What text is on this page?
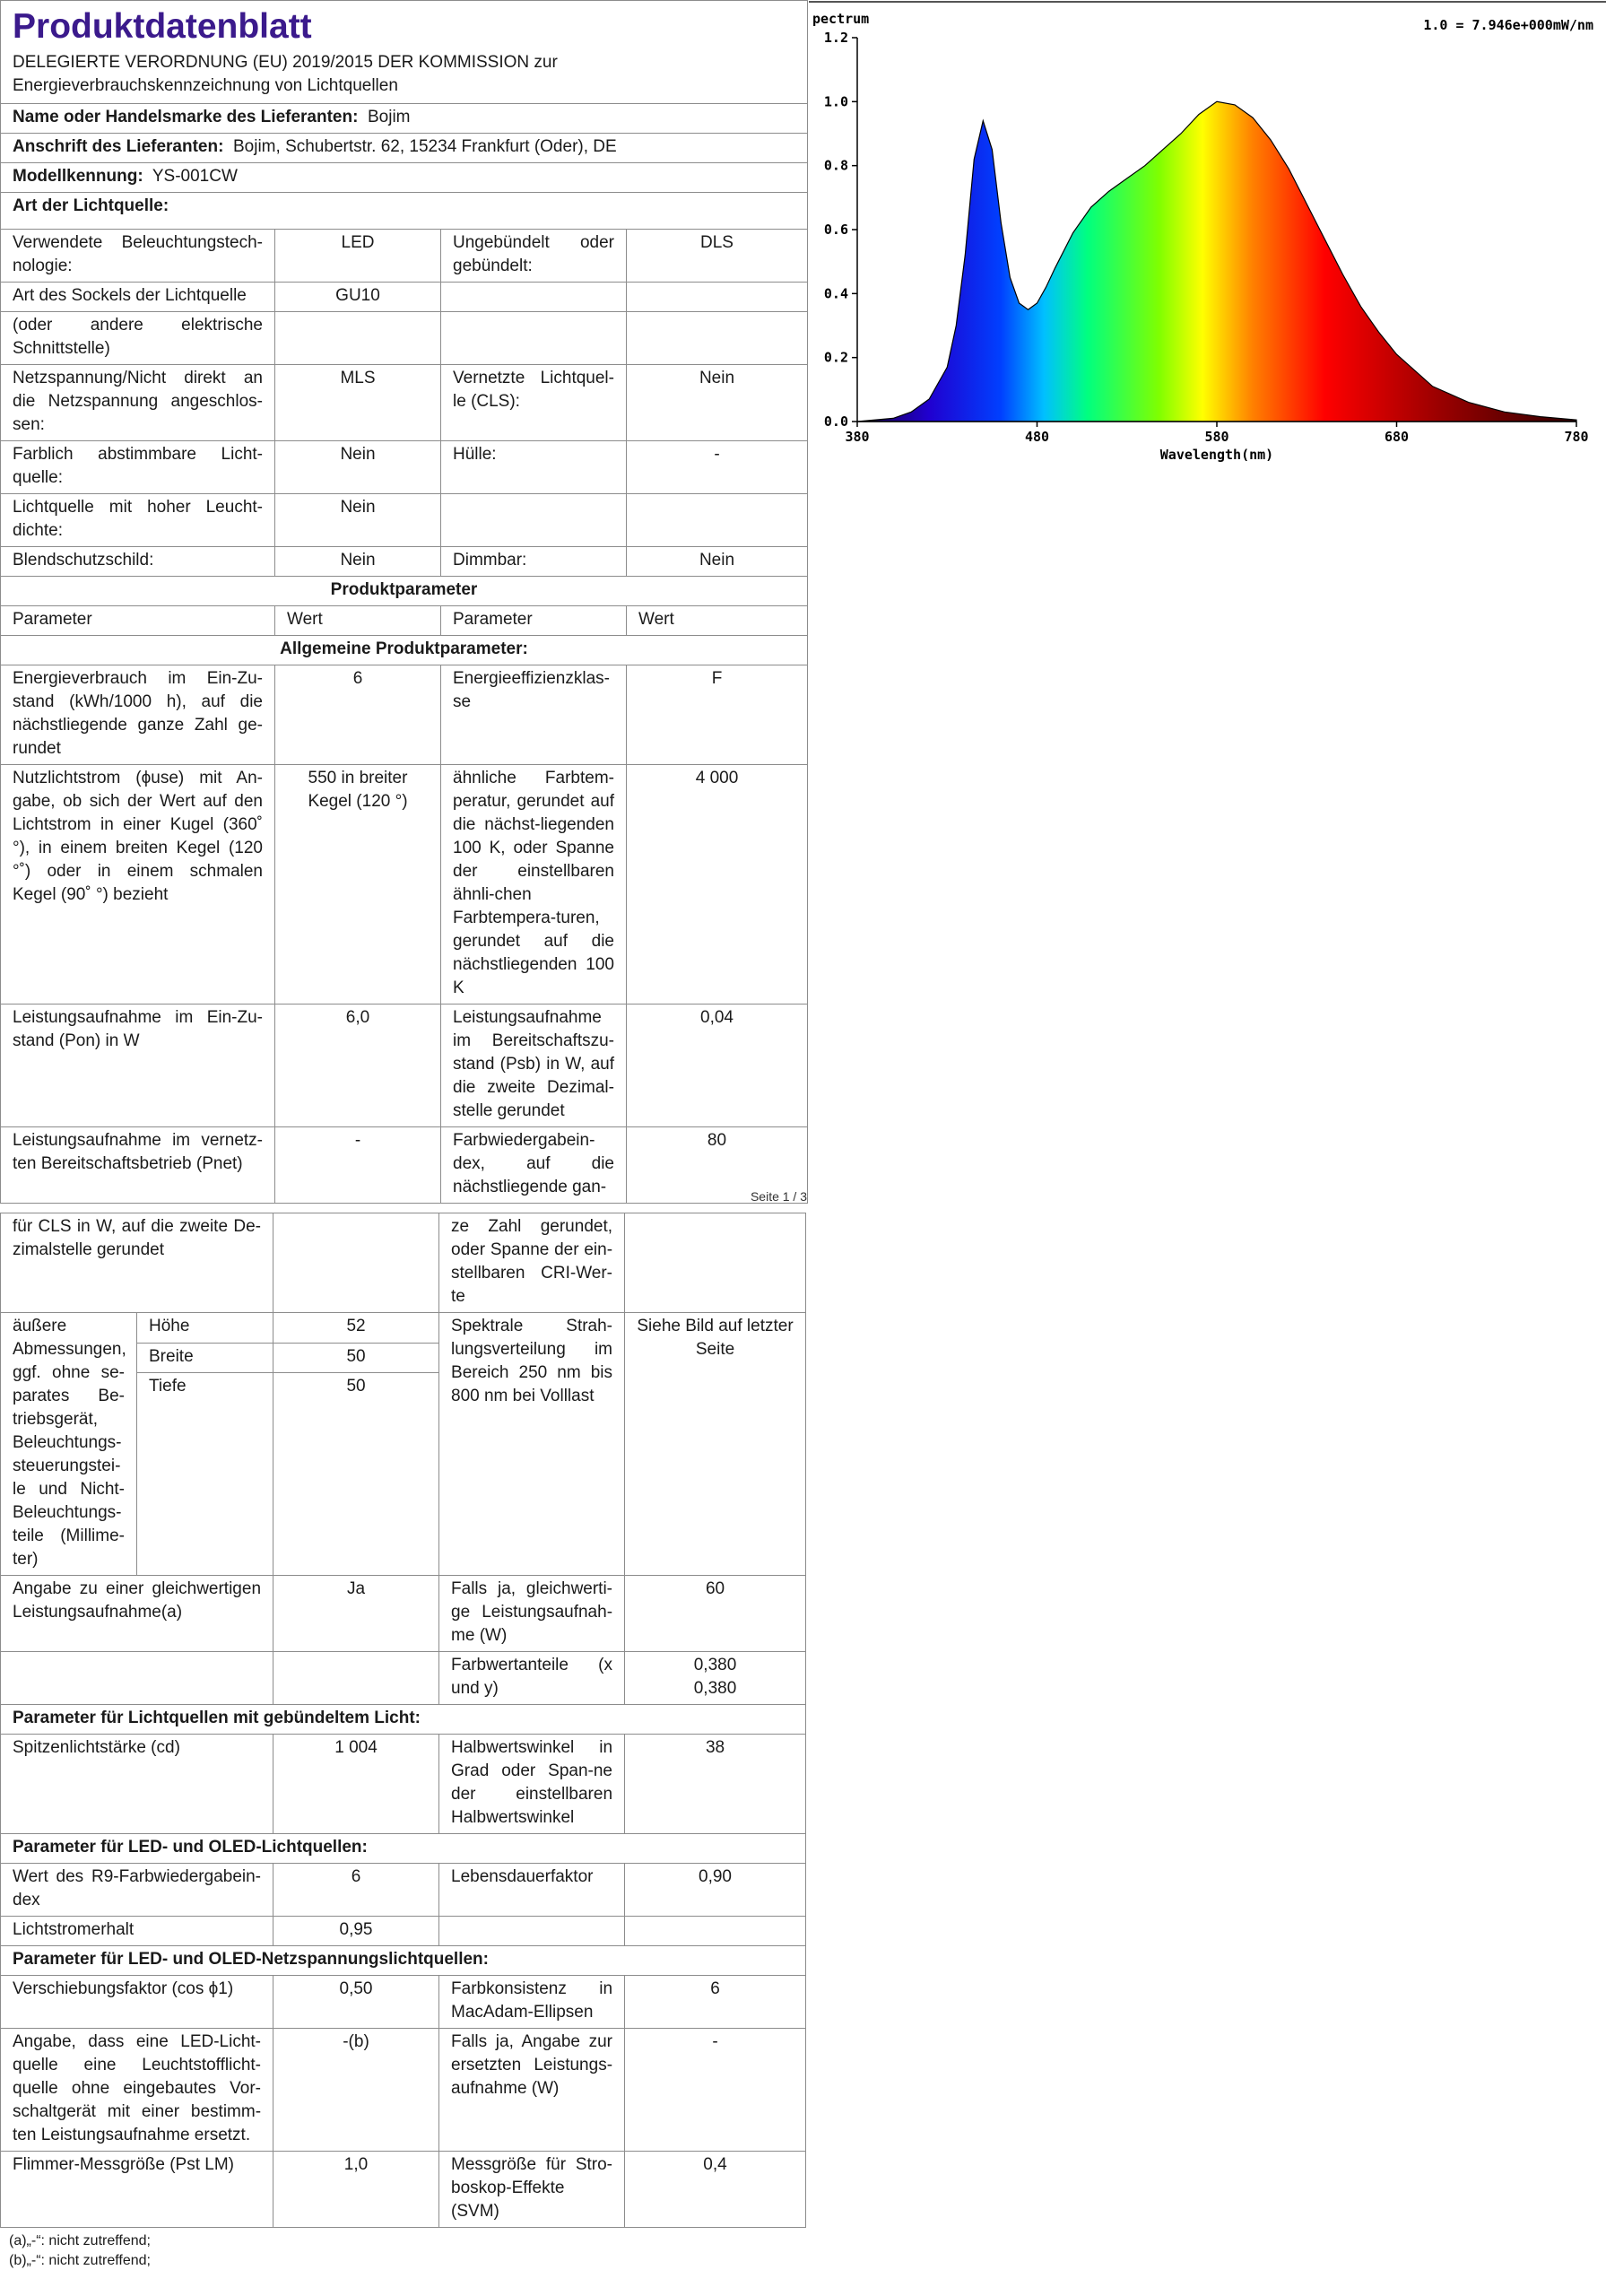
Produktdatenblatt
DELEGIERTE VERORDNUNG (EU) 2019/2015 DER KOMMISSION zur Energieverbrauchskennzeichnung von Lichtquellen			

Name oder Handelsmarke des Lieferanten: Bojim			
Anschrift des Lieferanten: Bojim, Schubertstr. 62, 15234 Frankfurt (Oder), DE			
Modellkennung: YS-001CW			
Art der Lichtquelle:			
Verwendete Beleuchtungstech-nologie:	LED	Ungebündelt oder gebündelt:	DLS
Art des Sockels der Lichtquelle	GU10		
(oder andere elektrische Schnittstelle)			
Netzspannung/Nicht direkt an die Netzspannung angeschlos-sen:	MLS	Vernetzte Lichtquel-le (CLS):	Nein
Farblich abstimmbare Licht-quelle:	Nein	Hülle:	-
Lichtquelle mit hoher Leucht-dichte:	Nein		
Blendschutzschild:	Nein	Dimmbar:	Nein
Produktparameter			
Parameter	Wert	Parameter	Wert
Allgemeine Produktparameter:			
Energieverbrauch im Ein-Zu-stand (kWh/1000 h), auf die nächstliegende ganze Zahl ge-rundet	6	Energieeffizienzklas-se	F
Nutzlichtstrom (ϕuse) mit An-gabe, ob sich der Wert auf den Lichtstrom in einer Kugel (360˚ °), in einem breiten Kegel (120 °˚) oder in einem schmalen Kegel (90˚ °) bezieht	550 in breiter Kegel (120 °)	ähnliche Farbtem-peratur, gerundet auf die nächst-liegenden 100 K, oder Spanne der einstellbaren ähnli-chen Farbtempera-turen, gerundet auf die nächstliegenden 100 K	4 000
Leistungsaufnahme im Ein-Zu-stand (Pon) in W	6,0	Leistungsaufnahme im Bereitschaftszu-stand (Psb) in W, auf die zweite Dezimal-stelle gerundet	0,04
Leistungsaufnahme im vernetz-ten Bereitschaftsbetrieb (Pnet)	-	Farbwiedergabein-dex, auf die nächstliegende gan-	80
Seite 1 / 3
für CLS in W, auf die zweite De-zimalstelle gerundet			ze Zahl gerundet, oder Spanne der ein-stellbaren CRI-Wer-te	
äußere Abmessungen, ggf. ohne se-parates Be-triebsgerät, Beleuchtungs-steuerungstei-le und Nicht-Beleuchtungs-teile (Millime-ter)	Höhe	52	Spektrale Strah-lungsverteilung im Bereich 250 nm bis 800 nm bei Volllast	Siehe Bild auf letzter Seite
	Breite	50		
	Tiefe	50		
Angabe zu einer gleichwertigen Leistungsaufnahme(a)		Ja	Falls ja, gleichwerti-ge Leistungsaufnah-me (W)	60
			Farbwertanteile (x und y)	0,380
0,380
Parameter für Lichtquellen mit gebündeltem Licht:				
Spitzenlichtstärke (cd)		1 004	Halbwertswinkel in Grad oder Span-ne der einstellbaren Halbwertswinkel	38
Parameter für LED- und OLED-Lichtquellen:				
Wert des R9-Farbwiedergabein-dex		6	Lebensdauerfaktor	0,90
Lichtstromerhalt		0,95		
Parameter für LED- und OLED-Netzspannungslichtquellen:				
Verschiebungsfaktor (cos ϕ1)		0,50	Farbkonsistenz in MacAdam-Ellipsen	6
Angabe, dass eine LED-Licht-quelle eine Leuchtstofflicht-quelle ohne eingebautes Vor-schaltgerät mit einer bestimm-ten Leistungsaufnahme ersetzt.		-(b)	Falls ja, Angabe zur ersetzten Leistungs-aufnahme (W)	-
Flimmer-Messgröße (Pst LM)		1,0	Messgröße für Stro-boskop-Effekte (SVM)	0,4
(a)„-“: nicht zutreffend;
(b)„-“: nicht zutreffend;
0.0
0.2
0.4
0.6
0.8
1.0
1.2
380	480	580	680	780
pectrum	1.0 = 7.946e+000mW/nm
Wavelength(nm)
